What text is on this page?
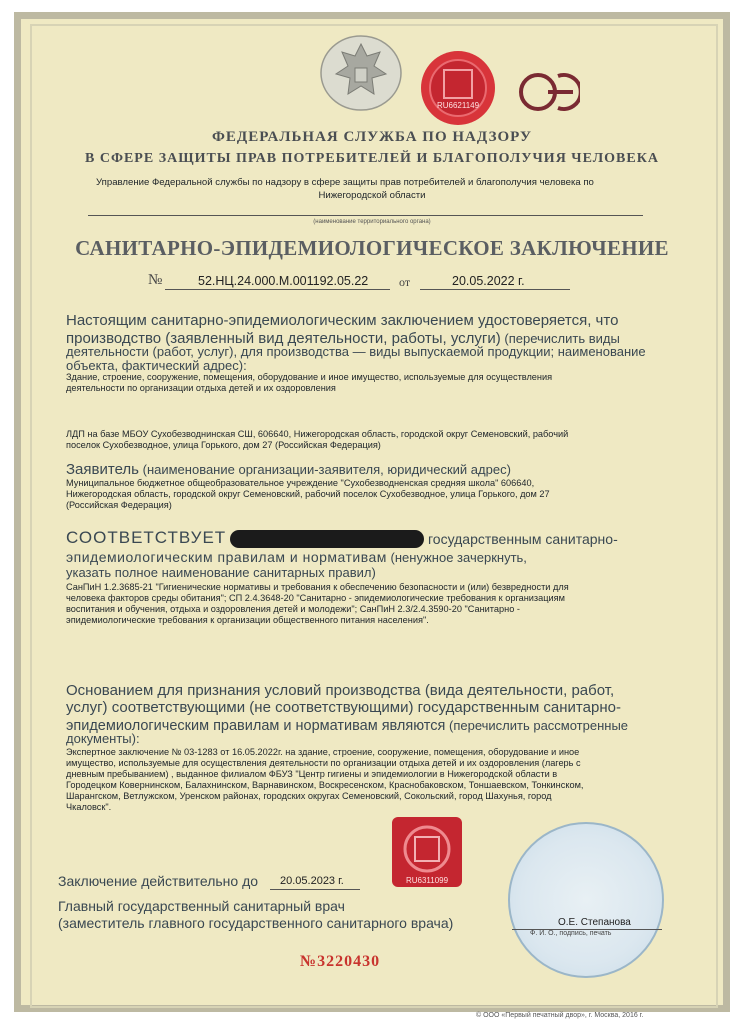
RU6621149
ФЕДЕРАЛЬНАЯ СЛУЖБА ПО НАДЗОРУ
В СФЕРЕ ЗАЩИТЫ ПРАВ ПОТРЕБИТЕЛЕЙ И БЛАГОПОЛУЧИЯ ЧЕЛОВЕКА
Управление Федеральной службы по надзору в сфере защиты прав потребителей и благополучия человека по
Нижегородской области
(наименование территориального органа)
САНИТАРНО-ЭПИДЕМИОЛОГИЧЕСКОЕ ЗАКЛЮЧЕНИЕ
№	52.НЦ.24.000.М.001192.05.22	от	20.05.2022 г.
Настоящим санитарно-эпидемиологическим заключением удостоверяется, что
производство (заявленный вид деятельности, работы, услуги) (перечислить виды
деятельности (работ, услуг), для производства — виды выпускаемой продукции; наименование
объекта, фактический адрес):
Здание, строение, сооружение, помещения, оборудование и иное имущество, используемые для осуществления
деятельности по организации отдыха детей и их оздоровления
ЛДП на базе МБОУ Сухобезводнинская СШ, 606640, Нижегородская область, городской округ Семеновский, рабочий
поселок Сухобезводное, улица Горького, дом 27 (Российская Федерация)
Заявитель (наименование организации-заявителя, юридический адрес)
Муниципальное бюджетное общеобразовательное учреждение "Сухобезводненская средняя школа" 606640,
Нижегородская область, городской округ Семеновский, рабочий поселок Сухобезводное, улица Горького, дом 27
(Российская Федерация)
СООТВЕТСТВУЕТ	государственным санитарно-
эпидемиологическим правилам и нормативам (ненужное зачеркнуть,
указать полное наименование санитарных правил)
СанПиН 1.2.3685-21 "Гигиенические нормативы и требования к обеспечению безопасности и (или) безвредности для
человека факторов среды обитания"; СП 2.4.3648-20 "Санитарно - эпидемиологические требования к организациям
воспитания и обучения, отдыха и оздоровления детей и молодежи"; СанПиН 2.3/2.4.3590-20 "Санитарно -
эпидемиологические требования к организации общественного питания населения".
Основанием для признания условий производства (вида деятельности, работ,
услуг) соответствующими (не соответствующими) государственным санитарно-
эпидемиологическим правилам и нормативам являются (перечислить рассмотренные
документы):
Экспертное заключение № 03-1283 от 16.05.2022г. на здание, строение, сооружение, помещения, оборудование и иное
имущество, используемые для осуществления деятельности по организации отдыха детей и их оздоровления (лагерь с
дневным пребыванием) , выданное филиалом ФБУЗ "Центр гигиены и эпидемиологии в Нижегородской области в
Городецком Ковернинском, Балахнинском, Варнавинском, Воскресенском, Краснобаковском, Тоншаевском, Тонкинском,
Шарангском, Ветлужском, Уренском районах, городских округах Семеновский, Сокольский, город Шахунья, город
Чкаловск".
RU6311099
Заключение действительно до 20.05.2023 г.
Главный государственный санитарный врач
(заместитель главного государственного санитарного врача)	О.Е. Степанова
Ф. И. О., подпись, печать
№3220430
© ООО «Первый печатный двор», г. Москва, 2016 г.
